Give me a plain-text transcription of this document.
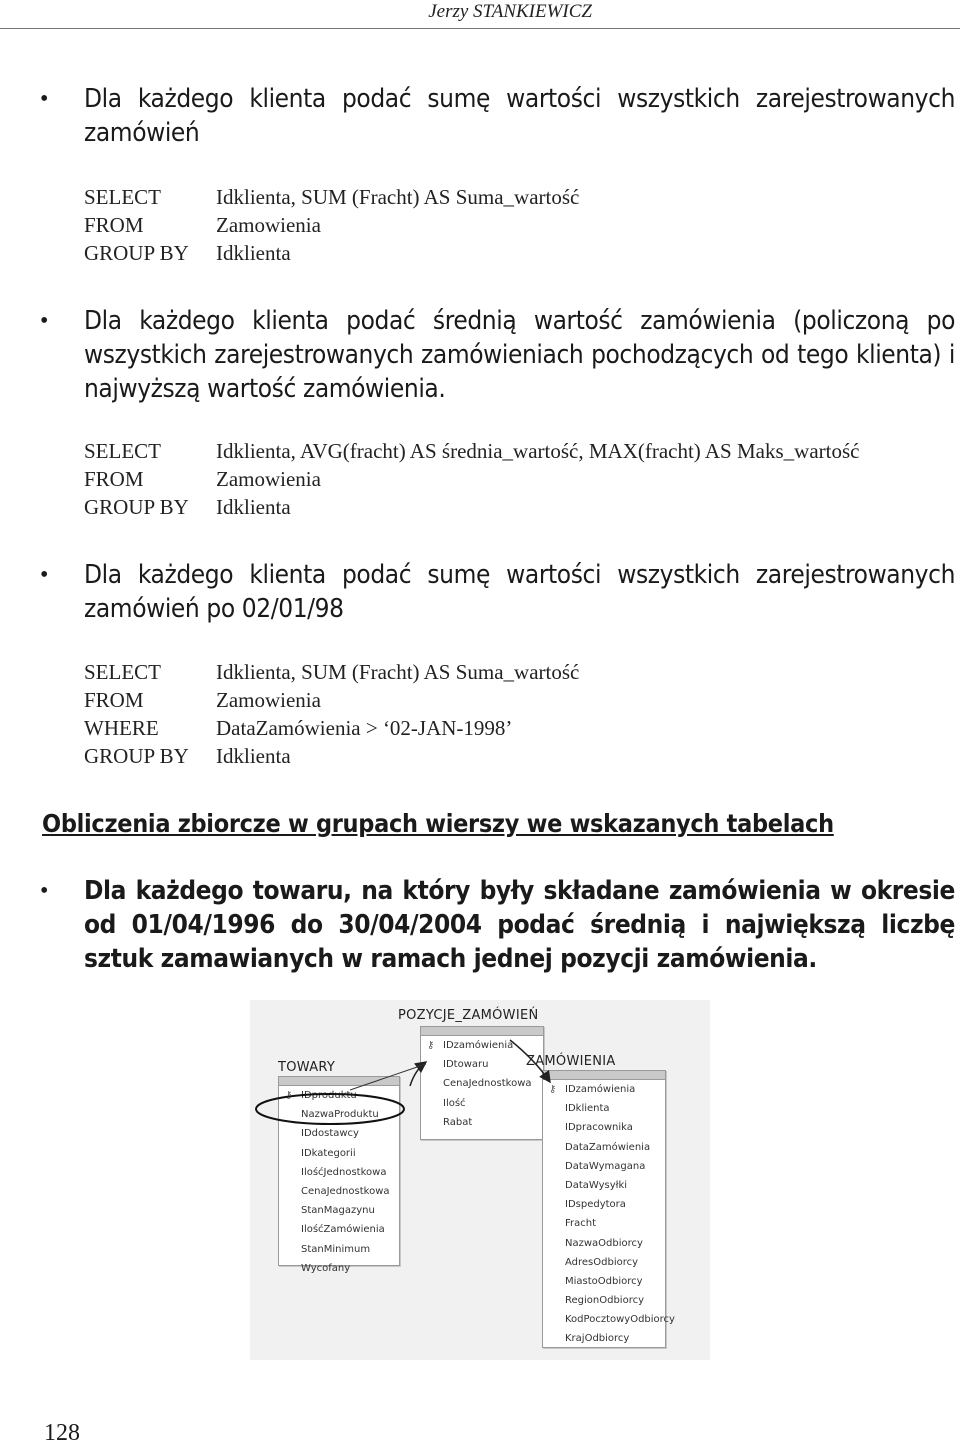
Jerzy STANKIEWICZ
• Dla każdego klienta podać sumę wartości wszystkich zarejestrowanych zamówień
SELECT	Idklienta, SUM (Fracht) AS Suma_wartość
FROM	Zamowienia
GROUP BY	Idklienta
• Dla każdego klienta podać średnią wartość zamówienia (policzoną po wszystkich zarejestrowanych zamówieniach pochodzących od tego klienta) i najwyższą wartość zamówienia.
SELECT	Idklienta, AVG(fracht) AS średnia_wartość, MAX(fracht) AS Maks_wartość
FROM	Zamowienia
GROUP BY	Idklienta
• Dla każdego klienta podać sumę wartości wszystkich zarejestrowanych zamówień po 02/01/98
SELECT	Idklienta, SUM (Fracht) AS Suma_wartość
FROM	Zamowienia
WHERE	DataZamówienia > ‘02-JAN-1998’
GROUP BY	Idklienta
Obliczenia zbiorcze w grupach wierszy we wskazanych tabelach
• Dla każdego towaru, na który były składane zamówienia w okresie od 01/04/1996 do 30/04/2004 podać średnią i największą liczbę sztuk zamawianych w ramach jednej pozycji zamówienia.
TOWARY
IDproduktu
⚷
NazwaProduktu
IDdostawcy
IDkategorii
IlośćJednostkowa
CenaJednostkowa
StanMagazynu
IlośćZamówienia
StanMinimum
Wycofany
POZYCJE_ZAMÓWIEŃ
IDzamówienia
⚷
IDtowaru
CenaJednostkowa
Ilość
Rabat
ZAMÓWIENIA
IDzamówienia
⚷
IDklienta
IDpracownika
DataZamówienia
DataWymagana
DataWysyłki
IDspedytora
Fracht
NazwaOdbiorcy
AdresOdbiorcy
MiastoOdbiorcy
RegionOdbiorcy
KodPocztowyOdbiorcy
KrajOdbiorcy
128
